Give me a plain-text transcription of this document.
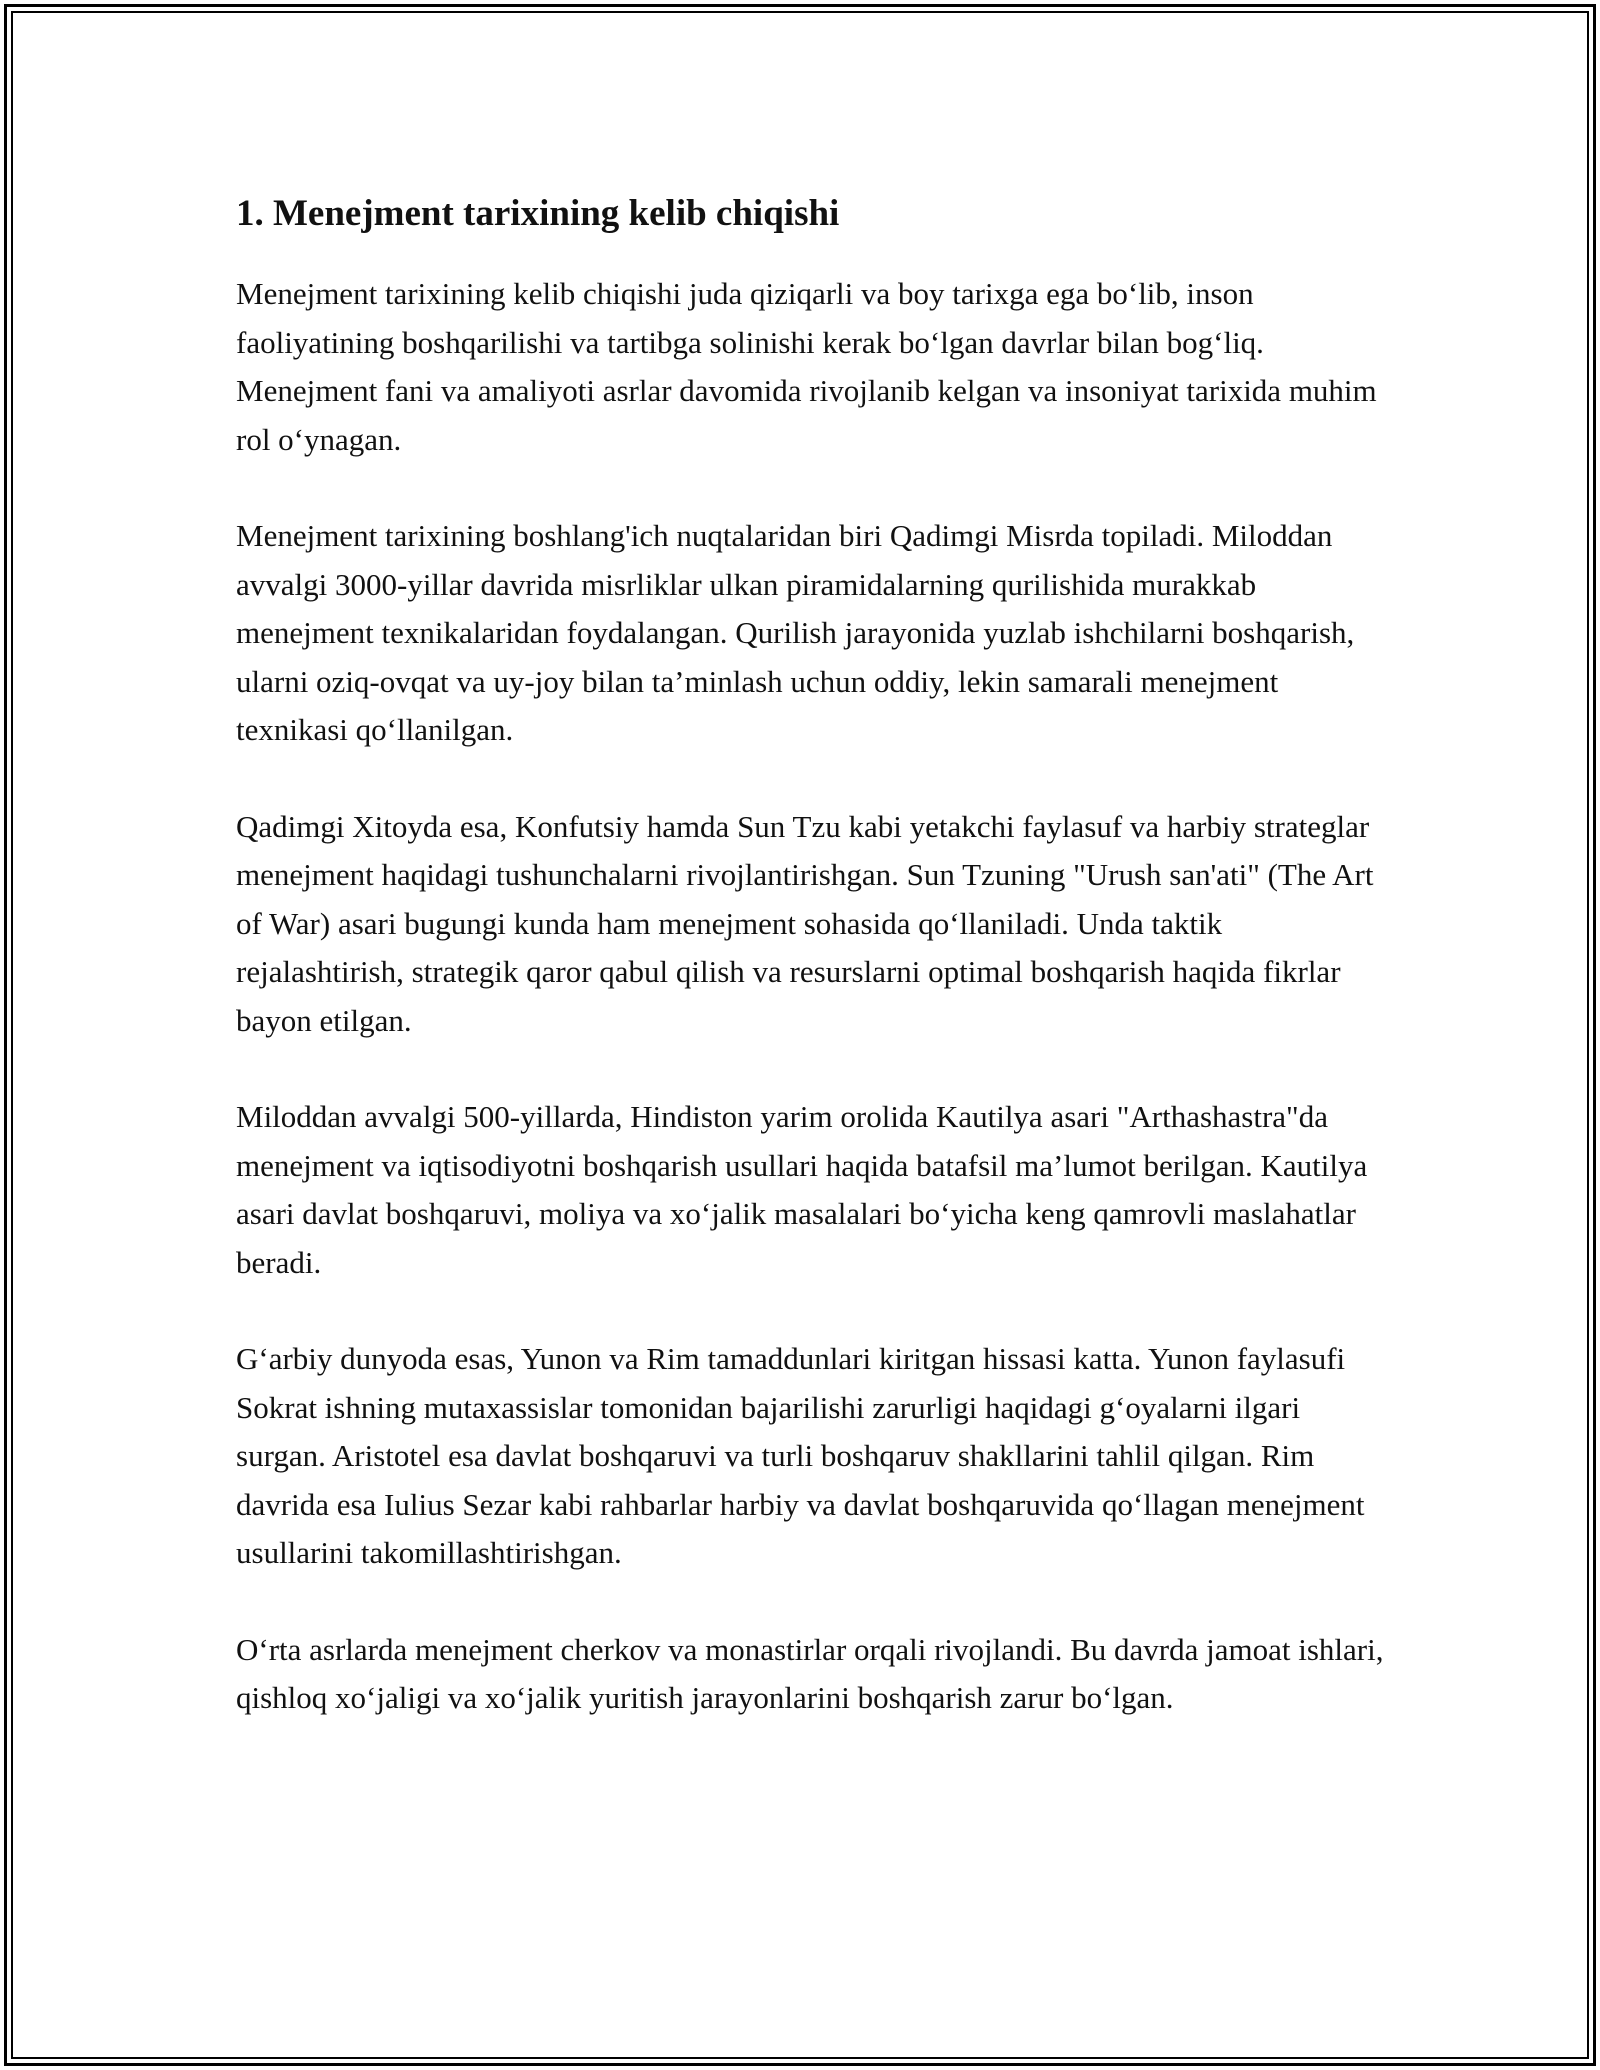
1. Menejment tarixining kelib chiqishi

Menejment tarixining kelib chiqishi juda qiziqarli va boy tarixga ega bo‘lib, inson faoliyatining boshqarilishi va tartibga solinishi kerak bo‘lgan davrlar bilan bog‘liq. Menejment fani va amaliyoti asrlar davomida rivojlanib kelgan va insoniyat tarixida muhim rol o‘ynagan.

Menejment tarixining boshlang'ich nuqtalaridan biri Qadimgi Misrda topiladi. Miloddan avvalgi 3000-yillar davrida misrliklar ulkan piramidalarning qurilishida murakkab menejment texnikalaridan foydalangan. Qurilish jarayonida yuzlab ishchilarni boshqarish, ularni oziq-ovqat va uy-joy bilan ta’minlash uchun oddiy, lekin samarali menejment texnikasi qo‘llanilgan.

Qadimgi Xitoyda esa, Konfutsiy hamda Sun Tzu kabi yetakchi faylasuf va harbiy strateglar menejment haqidagi tushunchalarni rivojlantirishgan. Sun Tzuning "Urush san'ati" (The Art of War) asari bugungi kunda ham menejment sohasida qo‘llaniladi. Unda taktik rejalashtirish, strategik qaror qabul qilish va resurslarni optimal boshqarish haqida fikrlar bayon etilgan.

Miloddan avvalgi 500-yillarda, Hindiston yarim orolida Kautilya asari "Arthashastra"da menejment va iqtisodiyotni boshqarish usullari haqida batafsil ma’lumot berilgan. Kautilya asari davlat boshqaruvi, moliya va xo‘jalik masalalari bo‘yicha keng qamrovli maslahatlar beradi.

G‘arbiy dunyoda esas, Yunon va Rim tamaddunlari kiritgan hissasi katta. Yunon faylasufi Sokrat ishning mutaxassislar tomonidan bajarilishi zarurligi haqidagi g‘oyalarni ilgari surgan. Aristotel esa davlat boshqaruvi va turli boshqaruv shakllarini tahlil qilgan. Rim davrida esa Iulius Sezar kabi rahbarlar harbiy va davlat boshqaruvida qo‘llagan menejment usullarini takomillashtirishgan.

O‘rta asrlarda menejment cherkov va monastirlar orqali rivojlandi. Bu davrda jamoat ishlari, qishloq xo‘jaligi va xo‘jalik yuritish jarayonlarini boshqarish zarur bo‘lgan.
